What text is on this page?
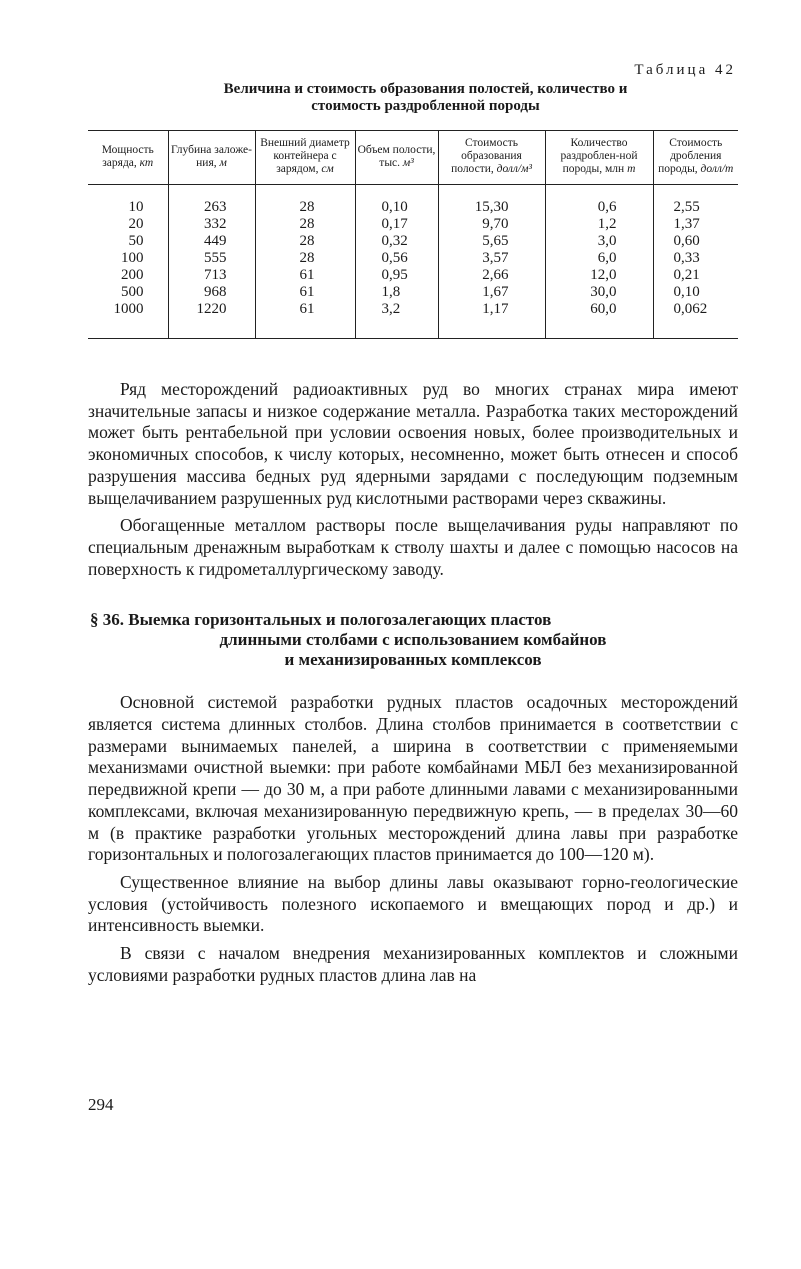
Таблица 42
Величина и стоимость образования полостей, количество и
стоимость раздробленной породы
Мощность заряда, кт	Глубина заложе-ния, м	Внешний диаметр контейнера с зарядом, см	Объем полости, тыс. м³	Стоимость образования полости, долл/м³	Количество раздроблен-ной породы, млн т	Стоимость дробления породы, долл/т
10	263	28	0,10	15,30	0,6	2,55
20	332	28	0,17	9,70	1,2	1,37
50	449	28	0,32	5,65	3,0	0,60
100	555	28	0,56	3,57	6,0	0,33
200	713	61	0,95	2,66	12,0	0,21
500	968	61	1,8	1,67	30,0	0,10
1000	1220	61	3,2	1,17	60,0	0,062

Ряд месторождений радиоактивных руд во многих странах мира имеют значительные запасы и низкое содержание металла. Разработка таких месторождений может быть рентабельной при условии освоения новых, более производительных и экономичных способов, к числу которых, несомненно, может быть отнесен и способ разрушения массива бедных руд ядерными зарядами с последующим подземным выщелачиванием разрушенных руд кислотными растворами через скважины.

Обогащенные металлом растворы после выщелачивания руды направляют по специальным дренажным выработкам к стволу шахты и далее с помощью насосов на поверхность к гидрометаллургическому заводу.

§ 36. Выемка горизонтальных и пологозалегающих пластов
длинными столбами с использованием комбайнов
и механизированных комплексов

Основной системой разработки рудных пластов осадочных месторождений является система длинных столбов. Длина столбов принимается в соответствии с размерами вынимаемых панелей, а ширина в соответствии с применяемыми механизмами очистной выемки: при работе комбайнами МБЛ без механизированной передвижной крепи — до 30 м, а при работе длинными лавами с механизированными комплексами, включая механизированную передвижную крепь, — в пределах 30—60 м (в практике разработки угольных месторождений длина лавы при разработке горизонтальных и пологозалегающих пластов принимается до 100—120 м).

Существенное влияние на выбор длины лавы оказывают горно-геологические условия (устойчивость полезного ископаемого и вмещающих пород и др.) и интенсивность выемки.

В связи с началом внедрения механизированных комплектов и сложными условиями разработки рудных пластов длина лав на

294
